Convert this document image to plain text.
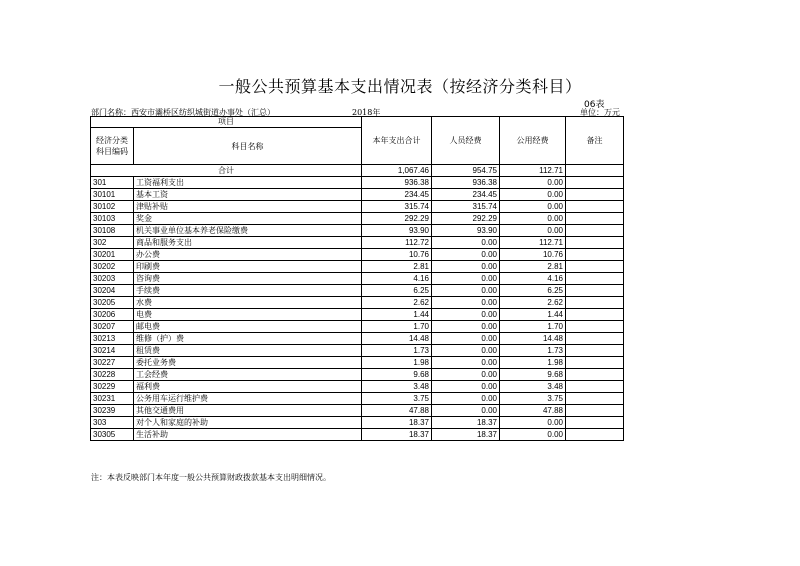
一般公共预算基本支出情况表（按经济分类科目）
06表
部门名称：西安市灞桥区纺织城街道办事处（汇总）	2018年	单位：万元
项目		本年支出合计	人员经费	公用经费	备注
经济分类
科目编码	科目名称				
合计		1,067.46	954.75	112.71	
301	工资福利支出	936.38	936.38	0.00	
30101	基本工资	234.45	234.45	0.00	
30102	津贴补贴	315.74	315.74	0.00	
30103	奖金	292.29	292.29	0.00	
30108	机关事业单位基本养老保险缴费	93.90	93.90	0.00	
302	商品和服务支出	112.72	0.00	112.71	
30201	办公费	10.76	0.00	10.76	
30202	印刷费	2.81	0.00	2.81	
30203	咨询费	4.16	0.00	4.16	
30204	手续费	6.25	0.00	6.25	
30205	水费	2.62	0.00	2.62	
30206	电费	1.44	0.00	1.44	
30207	邮电费	1.70	0.00	1.70	
30213	维修（护）费	14.48	0.00	14.48	
30214	租赁费	1.73	0.00	1.73	
30227	委托业务费	1.98	0.00	1.98	
30228	工会经费	9.68	0.00	9.68	
30229	福利费	3.48	0.00	3.48	
30231	公务用车运行维护费	3.75	0.00	3.75	
30239	其他交通费用	47.88	0.00	47.88	
303	对个人和家庭的补助	18.37	18.37	0.00	
30305	生活补助	18.37	18.37	0.00	
注：本表反映部门本年度一般公共预算财政拨款基本支出明细情况。
